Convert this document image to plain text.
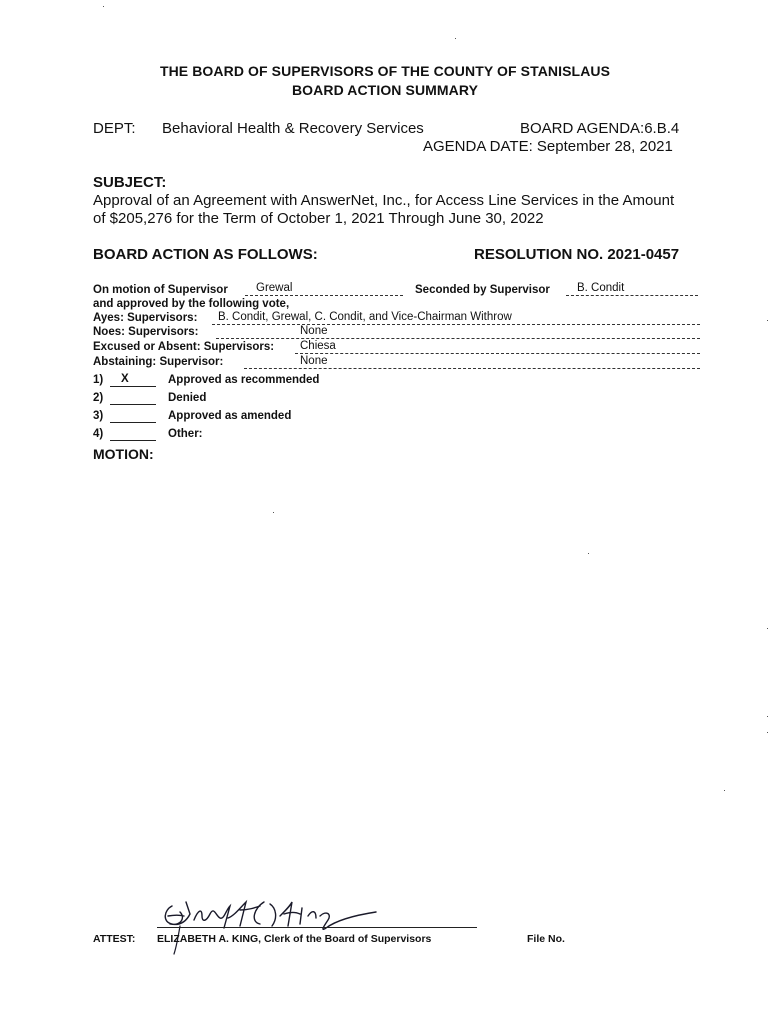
THE BOARD OF SUPERVISORS OF THE COUNTY OF STANISLAUS
BOARD ACTION SUMMARY
DEPT: Behavioral Health & Recovery Services	BOARD AGENDA:6.B.4
AGENDA DATE: September 28, 2021
SUBJECT:
Approval of an Agreement with AnswerNet, Inc., for Access Line Services in the Amount
of $205,276 for the Term of October 1, 2021 Through June 30, 2022
BOARD ACTION AS FOLLOWS:	RESOLUTION NO. 2021-0457
On motion of Supervisor Grewal	Seconded by Supervisor B. Condit
and approved by the following vote,
Ayes: Supervisors: B. Condit, Grewal, C. Condit, and Vice-Chairman Withrow
Noes: Supervisors:	None
Excused or Absent: Supervisors: Chiesa
Abstaining: Supervisor:	None
1) X	Approved as recommended
2)	Denied
3)	Approved as amended
4)	Other:
MOTION:
ATTEST: ELIZABETH A. KING, Clerk of the Board of Supervisors	File No.
